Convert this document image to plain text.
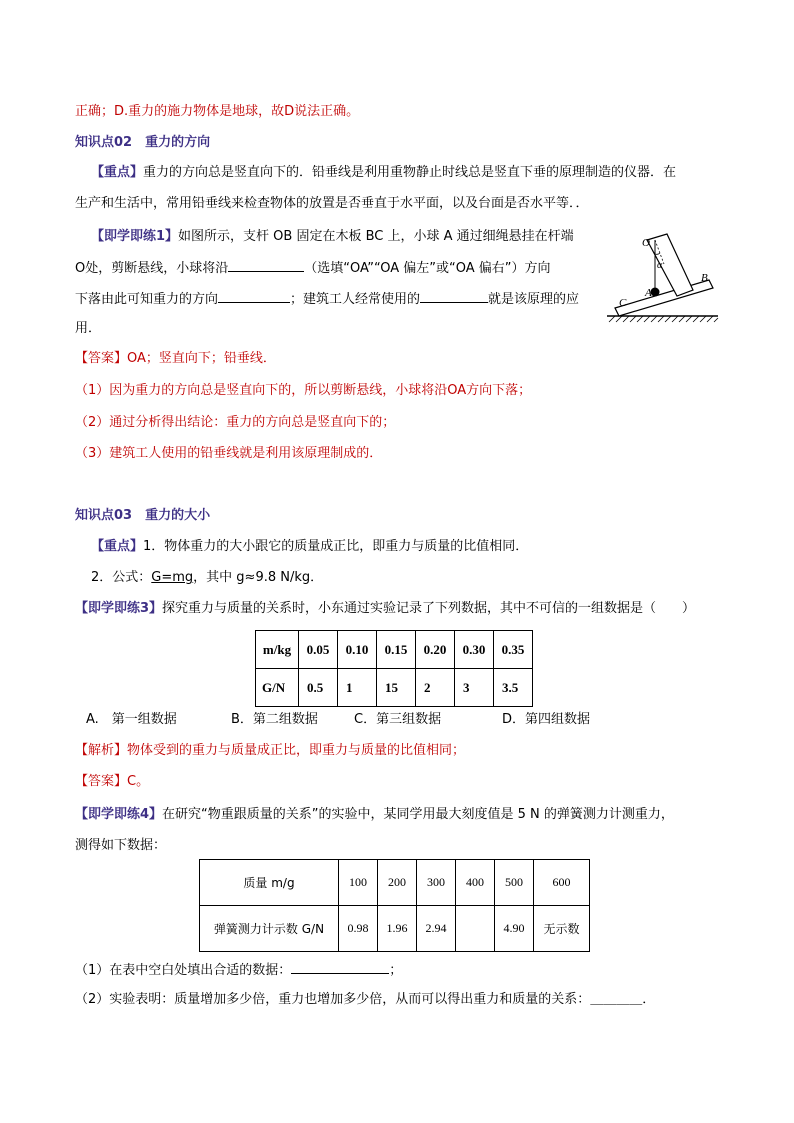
正确；D.重力的施力物体是地球，故D说法正确。
知识点02　重力的方向
【重点】重力的方向总是竖直向下的．铅垂线是利用重物静止时线总是竖直下垂的原理制造的仪器．在
生产和生活中，常用铅垂线来检查物体的放置是否垂直于水平面，以及台面是否水平等．．
【即学即练1】如图所示，支杆 OB 固定在木板 BC 上，小球 A 通过细绳悬挂在杆端
O处，剪断悬线，小球将沿	（选填“OA”“OA 偏左”或“OA 偏右”）方向
下落由此可知重力的方向	；建筑工人经常使用的	就是该原理的应
用．
O
α
A
B
C
【答案】OA；竖直向下；铅垂线．
（1）因为重力的方向总是竖直向下的，所以剪断悬线，小球将沿OA方向下落；
（2）通过分析得出结论：重力的方向总是竖直向下的；
（3）建筑工人使用的铅垂线就是利用该原理制成的．
知识点03　重力的大小
【重点】1．物体重力的大小跟它的质量成正比，即重力与质量的比值相同．
2．公式：G=mg，其中 g≈9.8 N/kg．
【即学即练3】探究重力与质量的关系时，小东通过实验记录了下列数据，其中不可信的一组数据是（　　）
m/kg	0.05	0.10	0.15	0.20	0.30	0.35
G/N	0.5	1	15	2	3	3.5
A.　第一组数据	B．第二组数据	C．第三组数据	D．第四组数据
【解析】物体受到的重力与质量成正比，即重力与质量的比值相同；
【答案】C。
【即学即练4】在研究“物重跟质量的关系”的实验中，某同学用最大刻度值是 5 N 的弹簧测力计测重力，
测得如下数据：
质量 m/g	100	200	300	400	500	600
弹簧测力计示数 G/N	0.98	1.96	2.94		4.90	无示数
（1）在表中空白处填出合适的数据：	；
（2）实验表明：质量增加多少倍，重力也增加多少倍，从而可以得出重力和质量的关系：＿＿＿＿．
